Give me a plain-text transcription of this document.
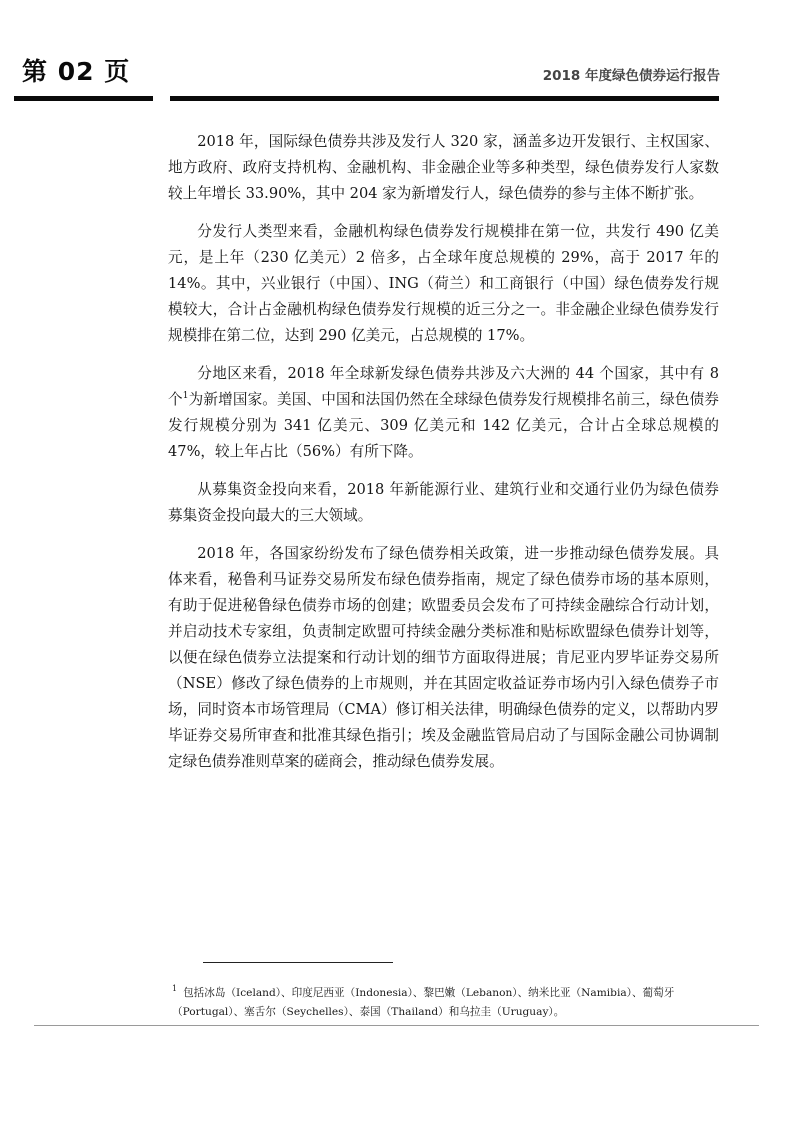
第 02 页	2018 年度绿色债券运行报告

2018 年，国际绿色债券共涉及发行人 320 家，涵盖多边开发银行、主权国家、地方政府、政府支持机构、金融机构、非金融企业等多种类型，绿色债券发行人家数较上年增长 33.90%，其中 204 家为新增发行人，绿色债券的参与主体不断扩张。

分发行人类型来看，金融机构绿色债券发行规模排在第一位，共发行 490 亿美元，是上年（230 亿美元）2 倍多，占全球年度总规模的 29%，高于 2017 年的 14%。其中，兴业银行（中国）、ING（荷兰）和工商银行（中国）绿色债券发行规模较大，合计占金融机构绿色债券发行规模的近三分之一。非金融企业绿色债券发行规模排在第二位，达到 290 亿美元，占总规模的 17%。

分地区来看，2018 年全球新发绿色债券共涉及六大洲的 44 个国家，其中有 8 个$^1$为新增国家。美国、中国和法国仍然在全球绿色债券发行规模排名前三，绿色债券发行规模分别为 341 亿美元、309 亿美元和 142 亿美元，合计占全球总规模的 47%，较上年占比（56%）有所下降。

从募集资金投向来看，2018 年新能源行业、建筑行业和交通行业仍为绿色债券募集资金投向最大的三大领域。

2018 年，各国家纷纷发布了绿色债券相关政策，进一步推动绿色债券发展。具体来看，秘鲁利马证券交易所发布绿色债券指南，规定了绿色债券市场的基本原则，有助于促进秘鲁绿色债券市场的创建；欧盟委员会发布了可持续金融综合行动计划，并启动技术专家组，负责制定欧盟可持续金融分类标准和贴标欧盟绿色债券计划等，以便在绿色债券立法提案和行动计划的细节方面取得进展；肯尼亚内罗毕证券交易所（NSE）修改了绿色债券的上市规则，并在其固定收益证券市场内引入绿色债券子市场，同时资本市场管理局（CMA）修订相关法律，明确绿色债券的定义，以帮助内罗毕证券交易所审查和批准其绿色指引；埃及金融监管局启动了与国际金融公司协调制定绿色债券准则草案的磋商会，推动绿色债券发展。

$^1$ 包括冰岛（Iceland）、印度尼西亚（Indonesia）、黎巴嫩（Lebanon）、纳米比亚（Namibia）、葡萄牙（Portugal）、塞舌尔（Seychelles）、泰国（Thailand）和乌拉圭（Uruguay）。
